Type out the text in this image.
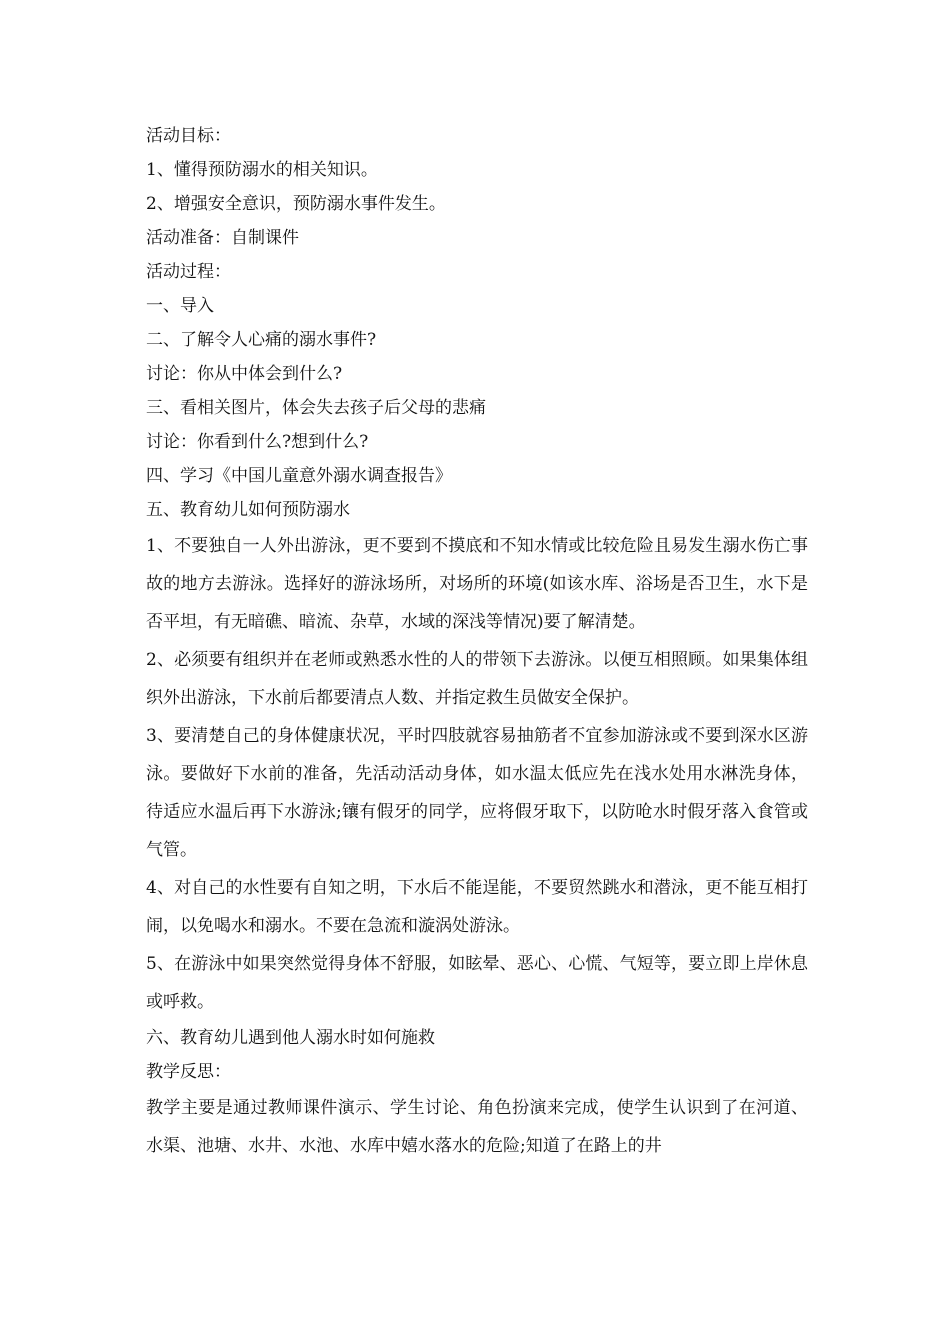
活动目标：

1、懂得预防溺水的相关知识。

2、增强安全意识，预防溺水事件发生。

活动准备：自制课件

活动过程：

一、导入

二、了解令人心痛的溺水事件?

讨论：你从中体会到什么?

三、看相关图片，体会失去孩子后父母的悲痛

讨论：你看到什么?想到什么?

四、学习《中国儿童意外溺水调查报告》

五、教育幼儿如何预防溺水

1、不要独自一人外出游泳，更不要到不摸底和不知水情或比较危险且易发生溺水伤亡事故的地方去游泳。选择好的游泳场所，对场所的环境(如该水库、浴场是否卫生，水下是否平坦，有无暗礁、暗流、杂草，水域的深浅等情况)要了解清楚。

2、必须要有组织并在老师或熟悉水性的人的带领下去游泳。以便互相照顾。如果集体组织外出游泳，下水前后都要清点人数、并指定救生员做安全保护。

3、要清楚自己的身体健康状况，平时四肢就容易抽筋者不宜参加游泳或不要到深水区游泳。要做好下水前的准备，先活动活动身体，如水温太低应先在浅水处用水淋洗身体，待适应水温后再下水游泳;镶有假牙的同学，应将假牙取下，以防呛水时假牙落入食管或气管。

4、对自己的水性要有自知之明，下水后不能逞能，不要贸然跳水和潜泳，更不能互相打闹，以免喝水和溺水。不要在急流和漩涡处游泳。

5、在游泳中如果突然觉得身体不舒服，如眩晕、恶心、心慌、气短等，要立即上岸休息或呼救。

六、教育幼儿遇到他人溺水时如何施救

教学反思：

教学主要是通过教师课件演示、学生讨论、角色扮演来完成，使学生认识到了在河道、水渠、池塘、水井、水池、水库中嬉水落水的危险;知道了在路上的井
